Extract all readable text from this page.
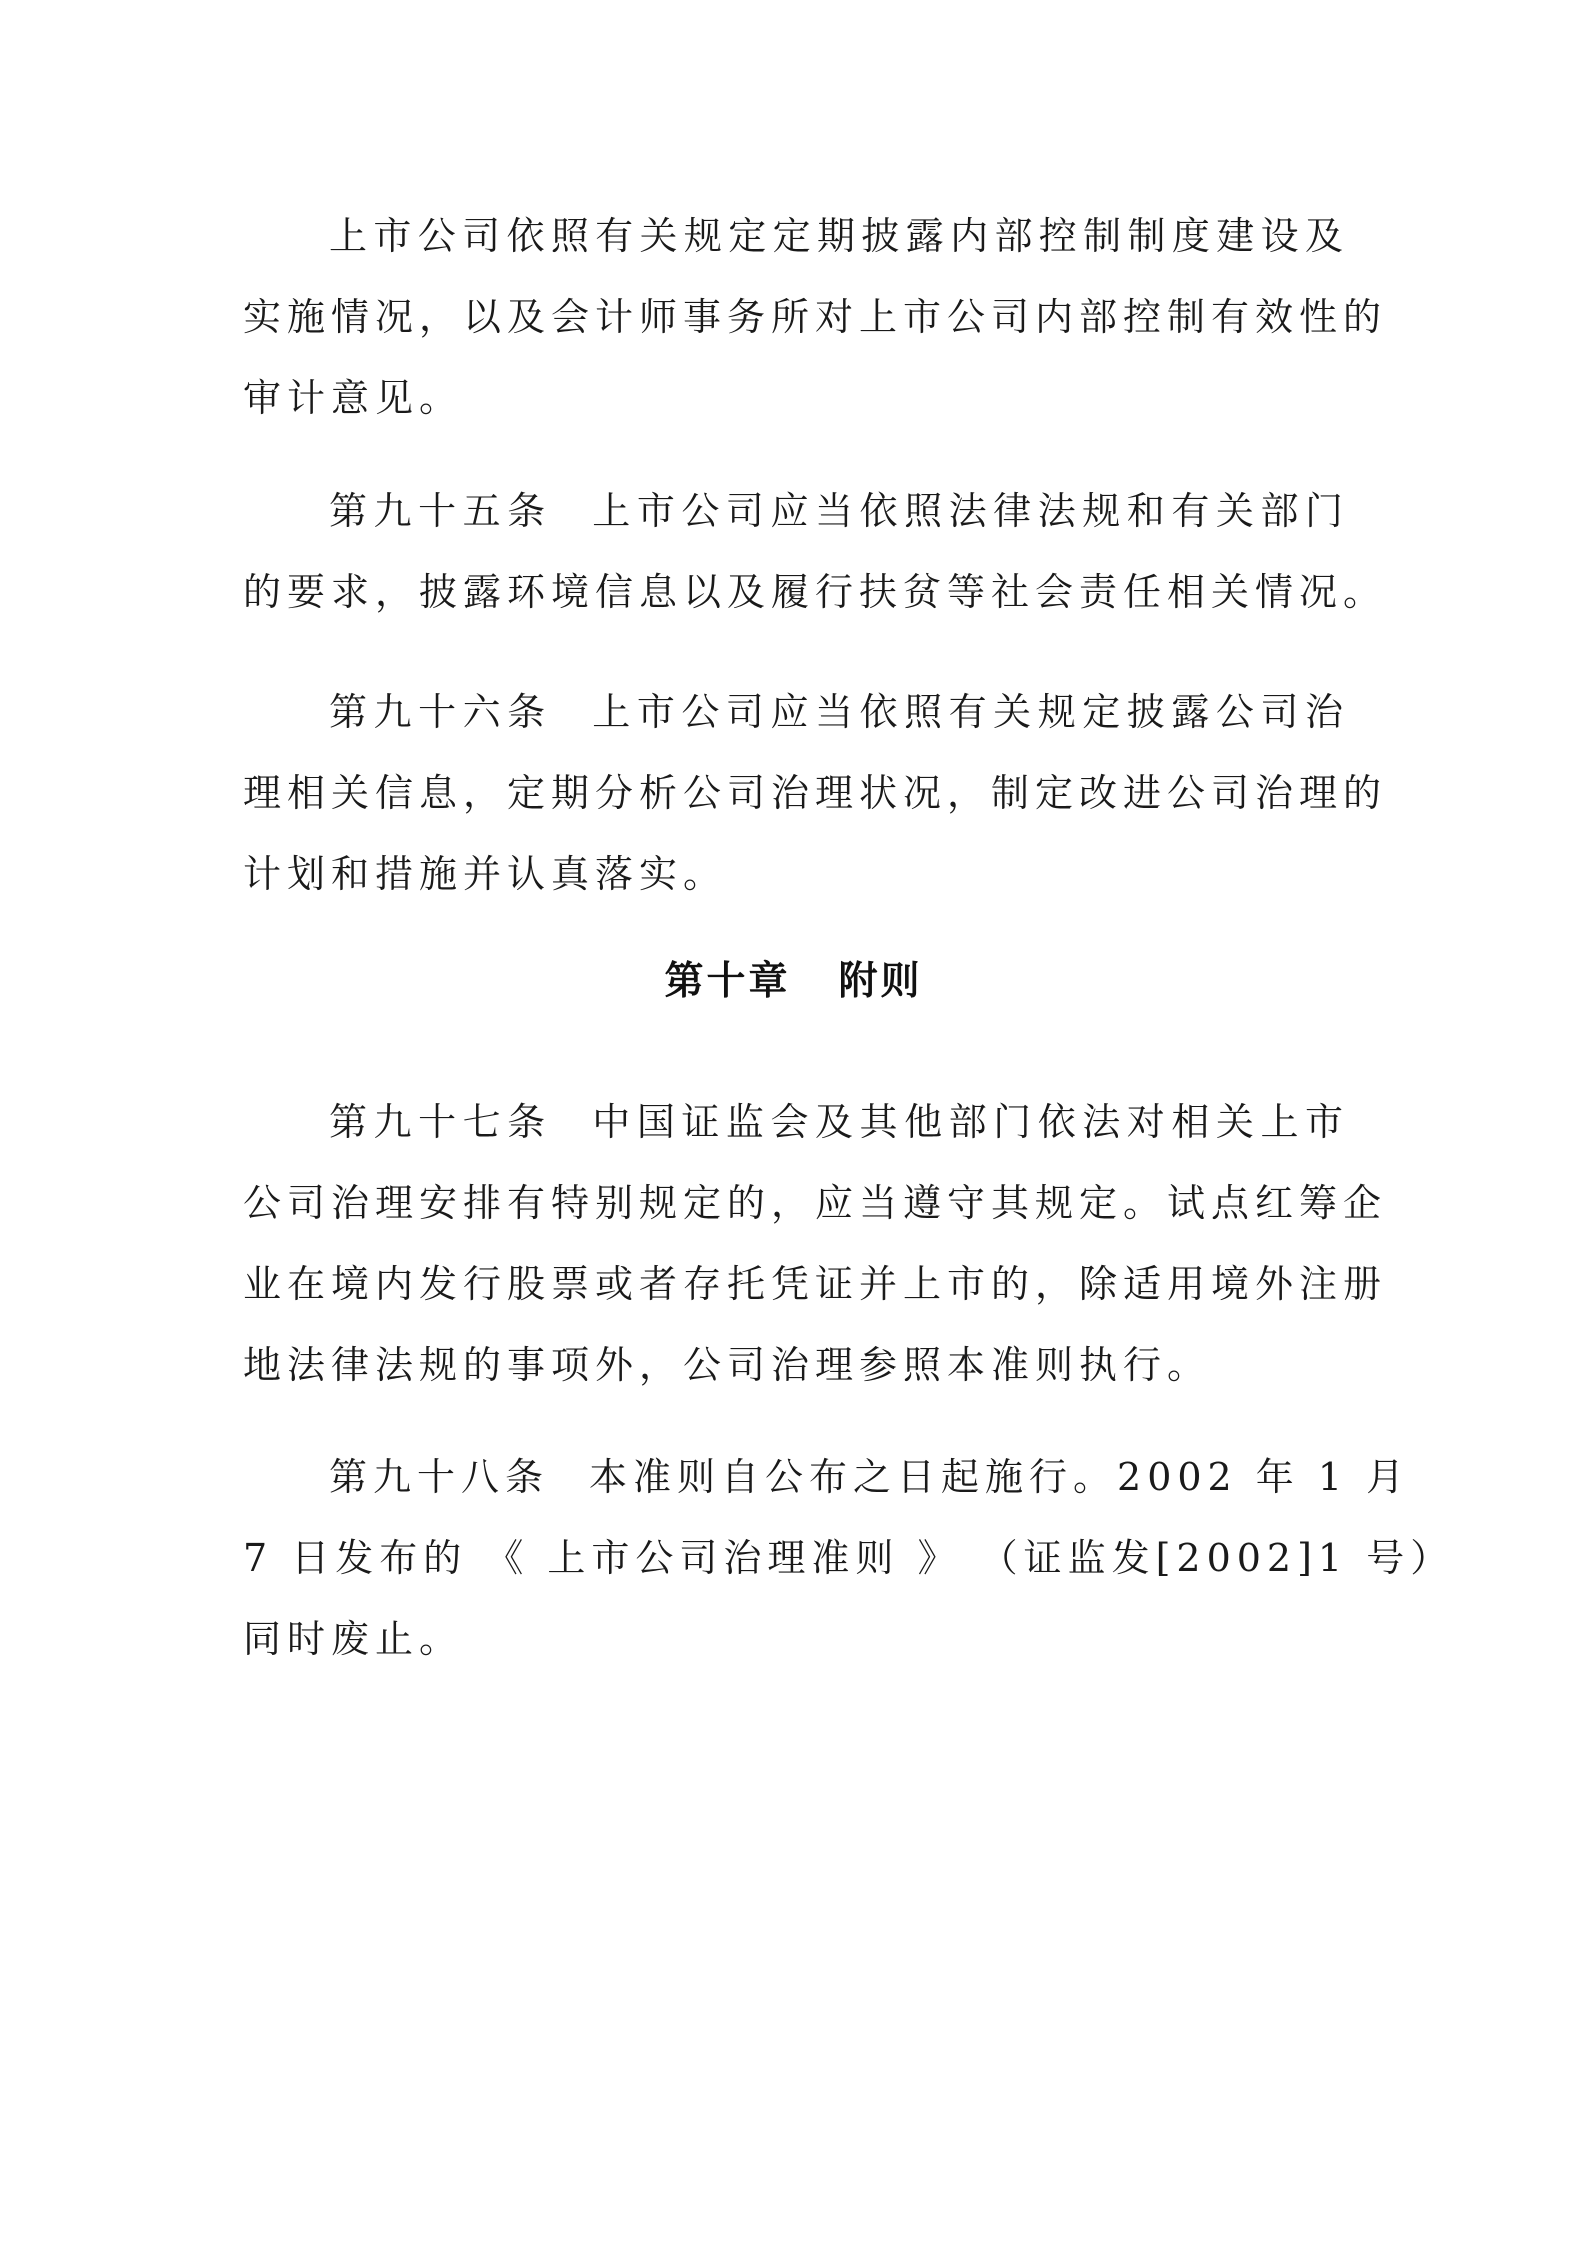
上市公司依照有关规定定期披露内部控制制度建设及
实施情况，以及会计师事务所对上市公司内部控制有效性的
审计意见。
第九十五条 上市公司应当依照法律法规和有关部门
的要求，披露环境信息以及履行扶贫等社会责任相关情况。
第九十六条 上市公司应当依照有关规定披露公司治
理相关信息，定期分析公司治理状况，制定改进公司治理的
计划和措施并认真落实。
第十章 附则
第九十七条 中国证监会及其他部门依法对相关上市
公司治理安排有特别规定的，应当遵守其规定。试点红筹企
业在境内发行股票或者存托凭证并上市的，除适用境外注册
地法律法规的事项外，公司治理参照本准则执行。
第九十八条 本准则自公布之日起施行。2002 年 1 月
7 日发布的 《 上市公司治理准则 》 （证监发[2002]1 号）
同时废止。
